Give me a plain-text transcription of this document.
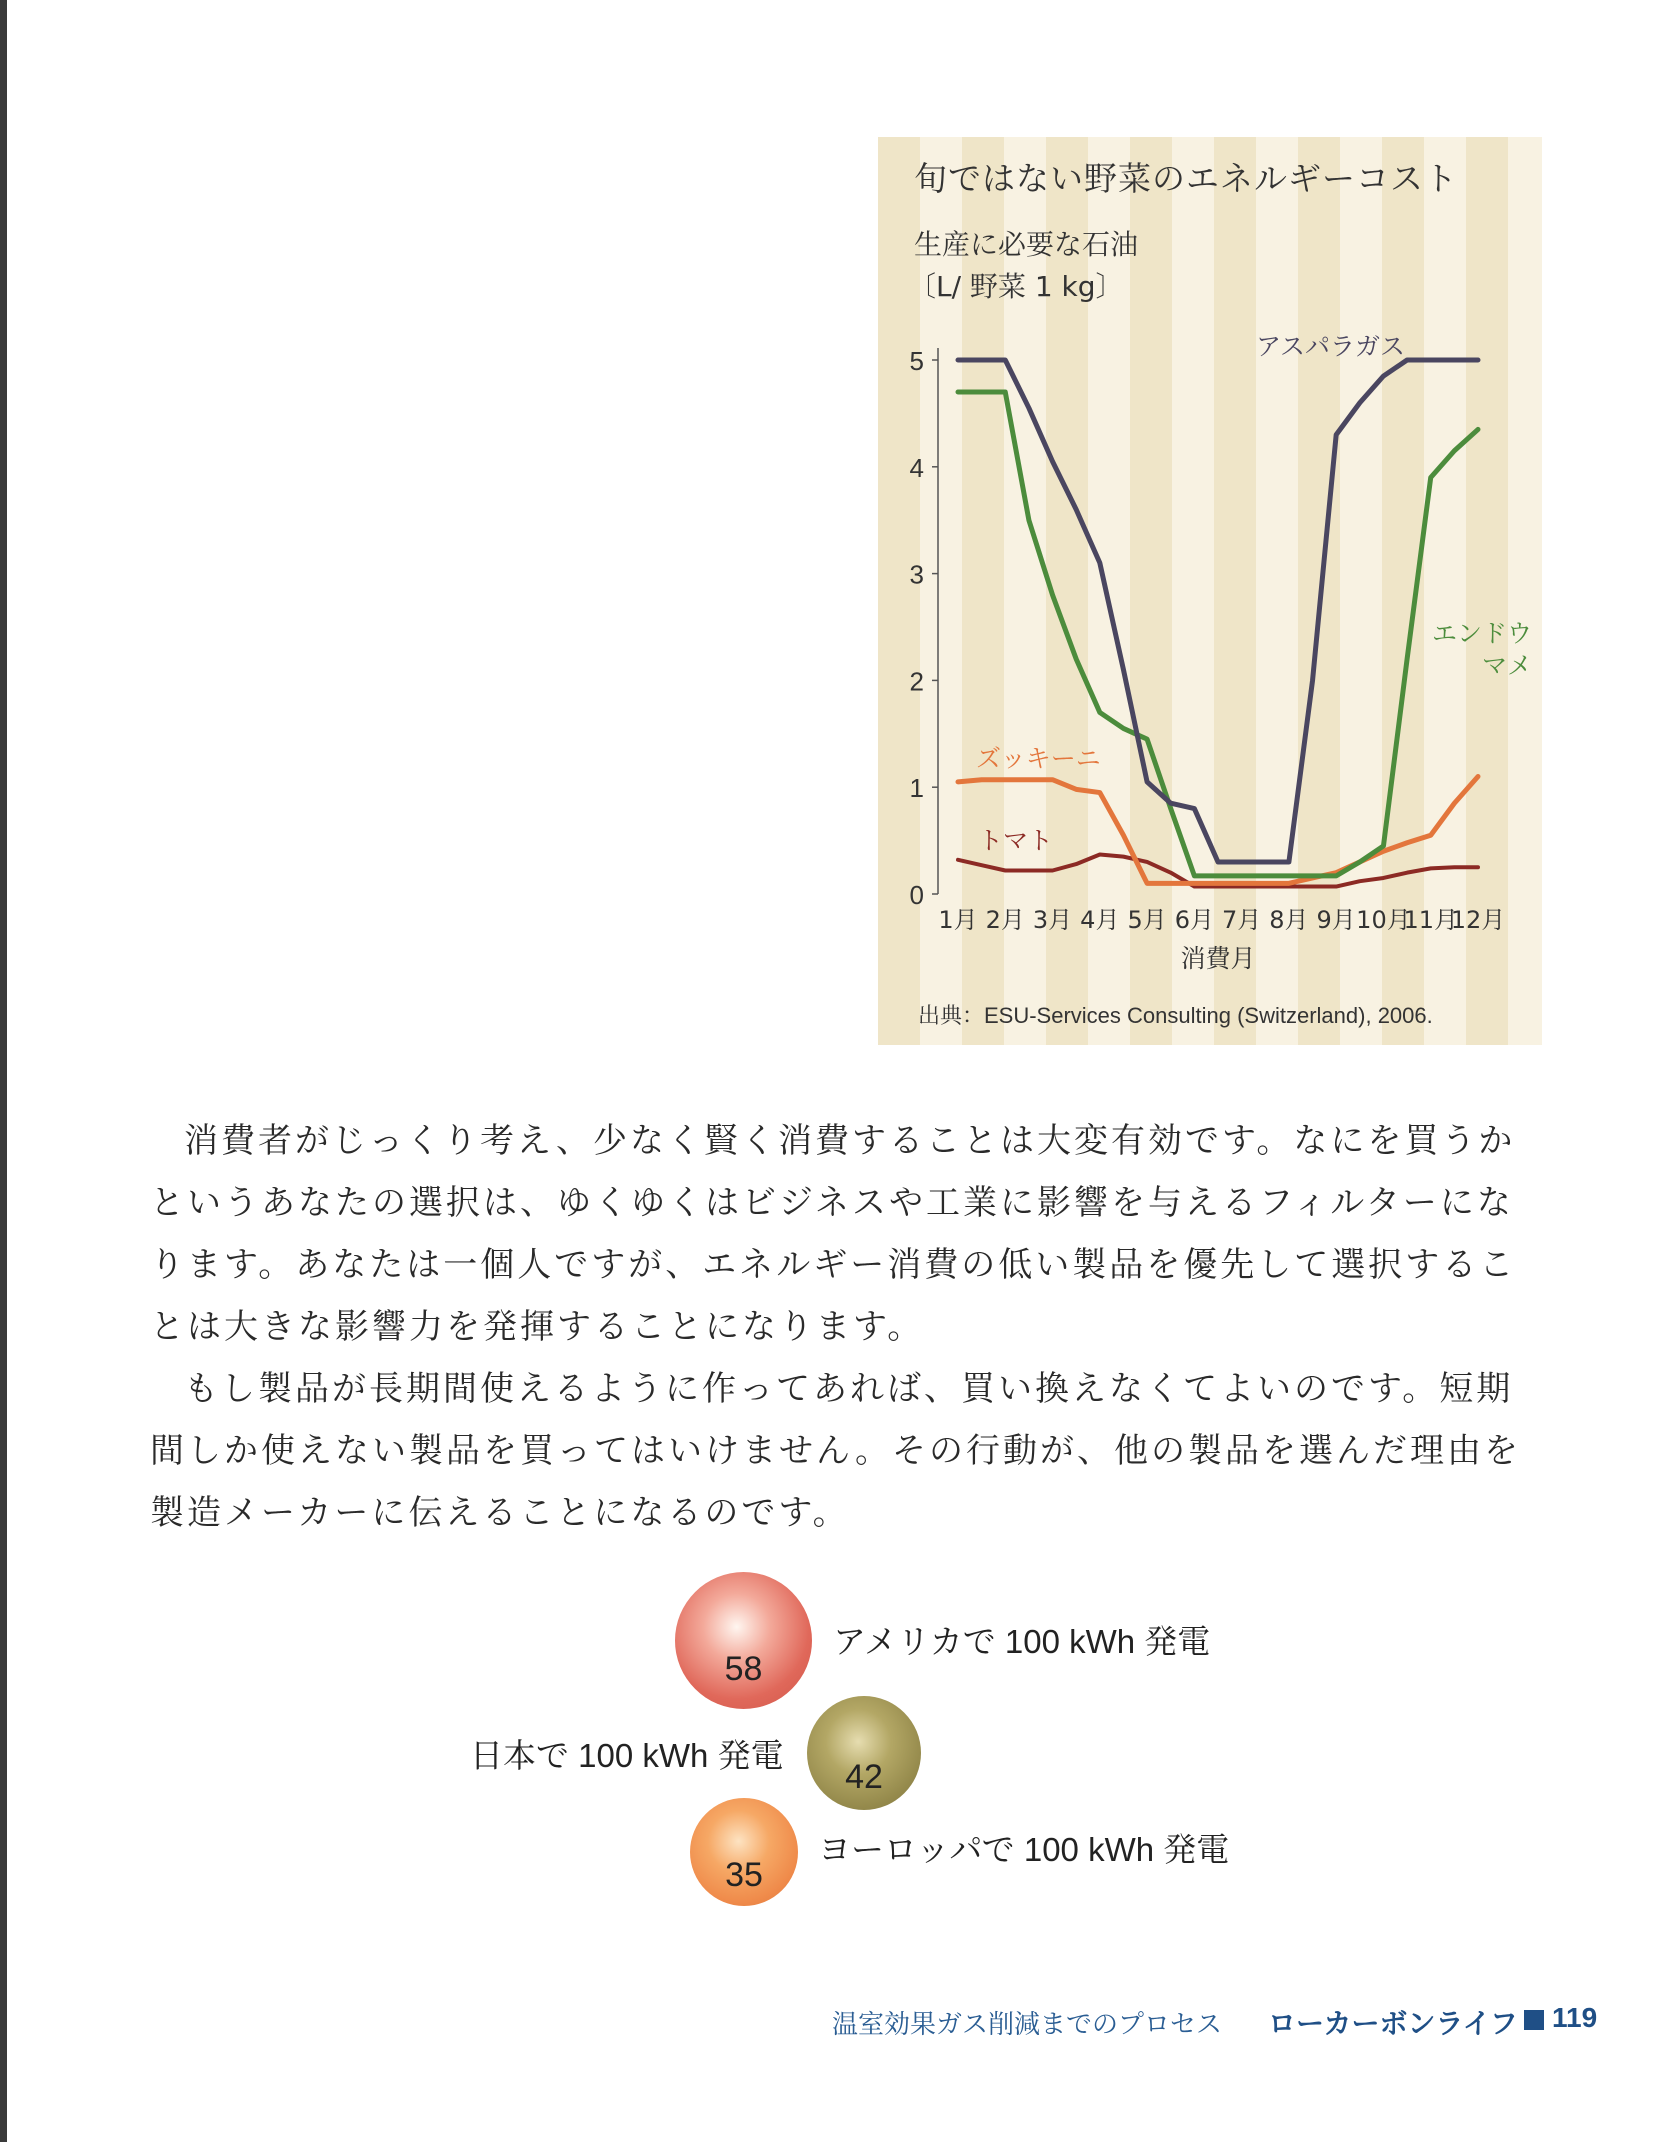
旬ではない野菜のエネルギーコスト
生産に必要な石油
〔L/ 野菜 1 kg〕
0
1
2
3
4
5
1月 2月 3月 4月 5月 6月 7月 8月 9月 10月
11月
12月
消費月
アスパラガス
エンドウ
マメ
ズッキーニ
トマト
出典：ESU-Services Consulting (Switzerland), 2006.

消費者がじっくり考え、少なく賢く消費することは大変有効です。なにを買うかというあなたの選択は、ゆくゆくはビジネスや工業に影響を与えるフィルターになります。あなたは一個人ですが、エネルギー消費の低い製品を優先して選択することは大きな影響力を発揮することになります。

もし製品が長期間使えるように作ってあれば、買い換えなくてよいのです。短期間しか使えない製品を買ってはいけません。その行動が、他の製品を選んだ理由を製造メーカーに伝えることになるのです。

58
アメリカで 100 kWh 発電
42
日本で 100 kWh 発電
35
ヨーロッパで 100 kWh 発電
温室効果ガス削減までのプロセス ローカーボンライフ 119
